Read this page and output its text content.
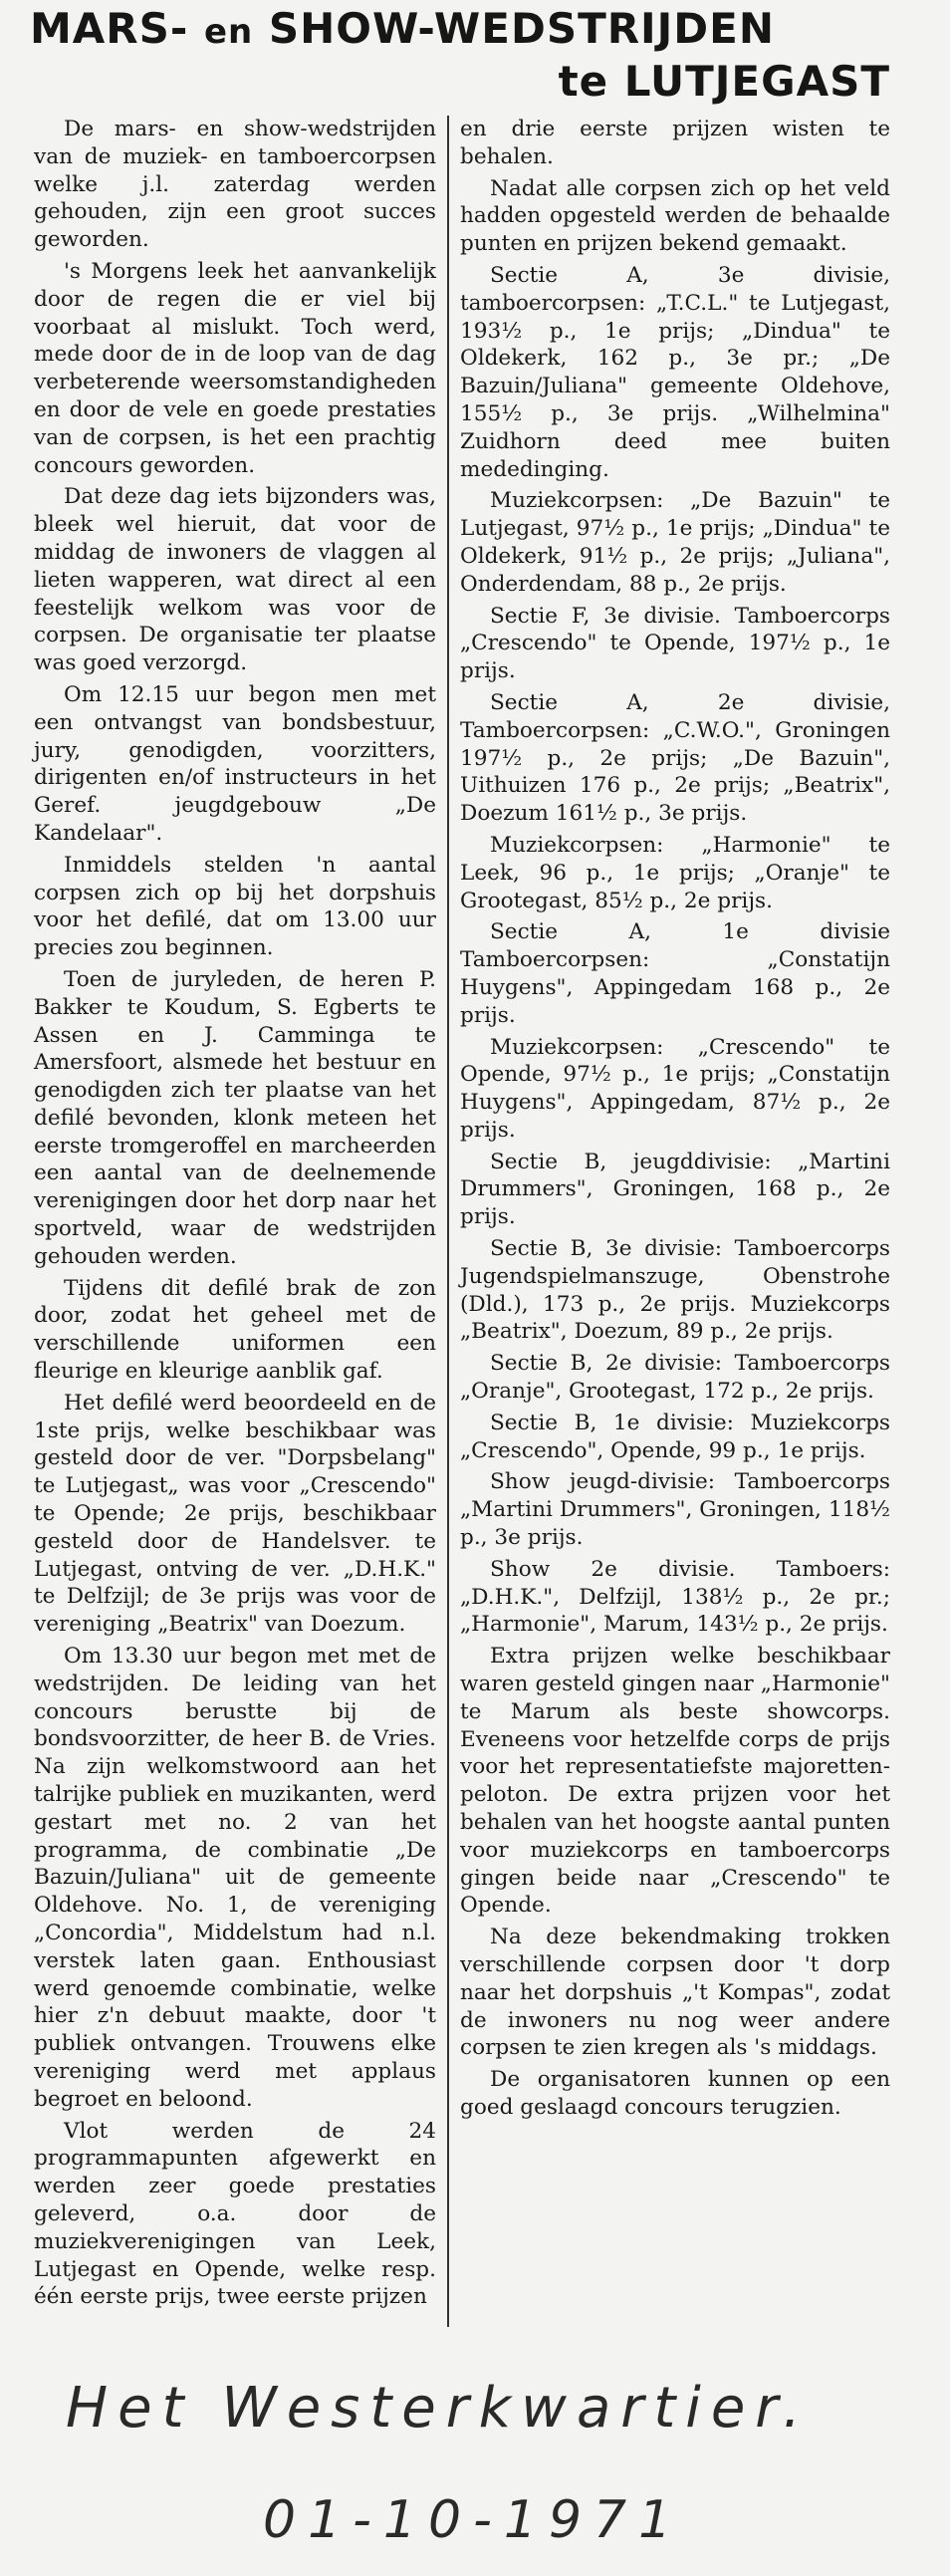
MARS- en SHOW-WEDSTRIJDEN
te LUTJEGAST

De mars- en show-wedstrijden van de muziek- en tamboercorpsen welke j.l. zaterdag werden gehouden, zijn een groot succes geworden.

's Morgens leek het aanvankelijk door de regen die er viel bij voorbaat al mislukt. Toch werd, mede door de in de loop van de dag verbeterende weersomstandigheden en door de vele en goede prestaties van de corpsen, is het een prachtig concours geworden.

Dat deze dag iets bijzonders was, bleek wel hieruit, dat voor de middag de inwoners de vlaggen al lieten wapperen, wat direct al een feestelijk welkom was voor de corpsen. De organisatie ter plaatse was goed verzorgd.

Om 12.15 uur begon men met een ontvangst van bondsbestuur, jury, genodigden, voorzitters, dirigenten en/of instructeurs in het Geref. jeugdgebouw „De Kandelaar".

Inmiddels stelden 'n aantal corpsen zich op bij het dorpshuis voor het defilé, dat om 13.00 uur precies zou beginnen.

Toen de juryleden, de heren P. Bakker te Koudum, S. Egberts te Assen en J. Camminga te Amersfoort, alsmede het bestuur en genodigden zich ter plaatse van het defilé bevonden, klonk meteen het eerste tromgeroffel en marcheerden een aantal van de deelnemende verenigingen door het dorp naar het sportveld, waar de wedstrijden gehouden werden.

Tijdens dit defilé brak de zon door, zodat het geheel met de verschillende uniformen een fleurige en kleurige aanblik gaf.

Het defilé werd beoordeeld en de 1ste prijs, welke beschikbaar was gesteld door de ver. "Dorpsbelang" te Lutjegast„ was voor „Crescendo" te Opende; 2e prijs, beschikbaar gesteld door de Handelsver. te Lutjegast, ontving de ver. „D.H.K." te Delfzijl; de 3e prijs was voor de vereniging „Beatrix" van Doezum.

Om 13.30 uur begon met met de wedstrijden. De leiding van het concours berustte bij de bondsvoorzitter, de heer B. de Vries. Na zijn welkomstwoord aan het talrijke publiek en muzikanten, werd gestart met no. 2 van het programma, de combinatie „De Bazuin/Juliana" uit de gemeente Oldehove. No. 1, de vereniging „Concordia", Middelstum had n.l. verstek laten gaan. Enthousiast werd genoemde combinatie, welke hier z'n debuut maakte, door 't publiek ontvangen. Trouwens elke vereniging werd met applaus begroet en beloond.

Vlot werden de 24 programmapunten afgewerkt en werden zeer goede prestaties geleverd, o.a. door de muziekverenigingen van Leek, Lutjegast en Opende, welke resp. één eerste prijs, twee eerste prijzen

en drie eerste prijzen wisten te behalen.

Nadat alle corpsen zich op het veld hadden opgesteld werden de behaalde punten en prijzen bekend gemaakt.

Sectie A, 3e divisie, tamboercorpsen: „T.C.L." te Lutjegast, 193½ p., 1e prijs; „Dindua" te Oldekerk, 162 p., 3e pr.; „De Bazuin/Juliana" gemeente Oldehove, 155½ p., 3e prijs. „Wilhelmina" Zuidhorn deed mee buiten mededinging.

Muziekcorpsen: „De Bazuin" te Lutjegast, 97½ p., 1e prijs; „Dindua" te Oldekerk, 91½ p., 2e prijs; „Juliana", Onderdendam, 88 p., 2e prijs.

Sectie F, 3e divisie. Tamboercorps „Crescendo" te Opende, 197½ p., 1e prijs.

Sectie A, 2e divisie, Tamboercorpsen: „C.W.O.", Groningen 197½ p., 2e prijs; „De Bazuin", Uithuizen 176 p., 2e prijs; „Beatrix", Doezum 161½ p., 3e prijs.

Muziekcorpsen: „Harmonie" te Leek, 96 p., 1e prijs; „Oranje" te Grootegast, 85½ p., 2e prijs.

Sectie A, 1e divisie Tamboercorpsen: „Constatijn Huygens", Appingedam 168 p., 2e prijs.

Muziekcorpsen: „Crescendo" te Opende, 97½ p., 1e prijs; „Constatijn Huygens", Appingedam, 87½ p., 2e prijs.

Sectie B, jeugddivisie: „Martini Drummers", Groningen, 168 p., 2e prijs.

Sectie B, 3e divisie: Tamboercorps Jugendspielmanszuge, Obenstrohe (Dld.), 173 p., 2e prijs. Muziekcorps „Beatrix", Doezum, 89 p., 2e prijs.

Sectie B, 2e divisie: Tamboercorps „Oranje", Grootegast, 172 p., 2e prijs.

Sectie B, 1e divisie: Muziekcorps „Crescendo", Opende, 99 p., 1e prijs.

Show jeugd-divisie: Tamboercorps „Martini Drummers", Groningen, 118½ p., 3e prijs.

Show 2e divisie. Tamboers: „D.H.K.", Delfzijl, 138½ p., 2e pr.; „Harmonie", Marum, 143½ p., 2e prijs.

Extra prijzen welke beschikbaar waren gesteld gingen naar „Harmonie" te Marum als beste showcorps. Eveneens voor hetzelfde corps de prijs voor het representatiefste majoretten-peloton. De extra prijzen voor het behalen van het hoogste aantal punten voor muziekcorps en tamboercorps gingen beide naar „Crescendo" te Opende.

Na deze bekendmaking trokken verschillende corpsen door 't dorp naar het dorpshuis „'t Kompas", zodat de inwoners nu nog weer andere corpsen te zien kregen als 's middags.

De organisatoren kunnen op een goed geslaagd concours terugzien.

Het Westerkwartier.
01-10-1971
